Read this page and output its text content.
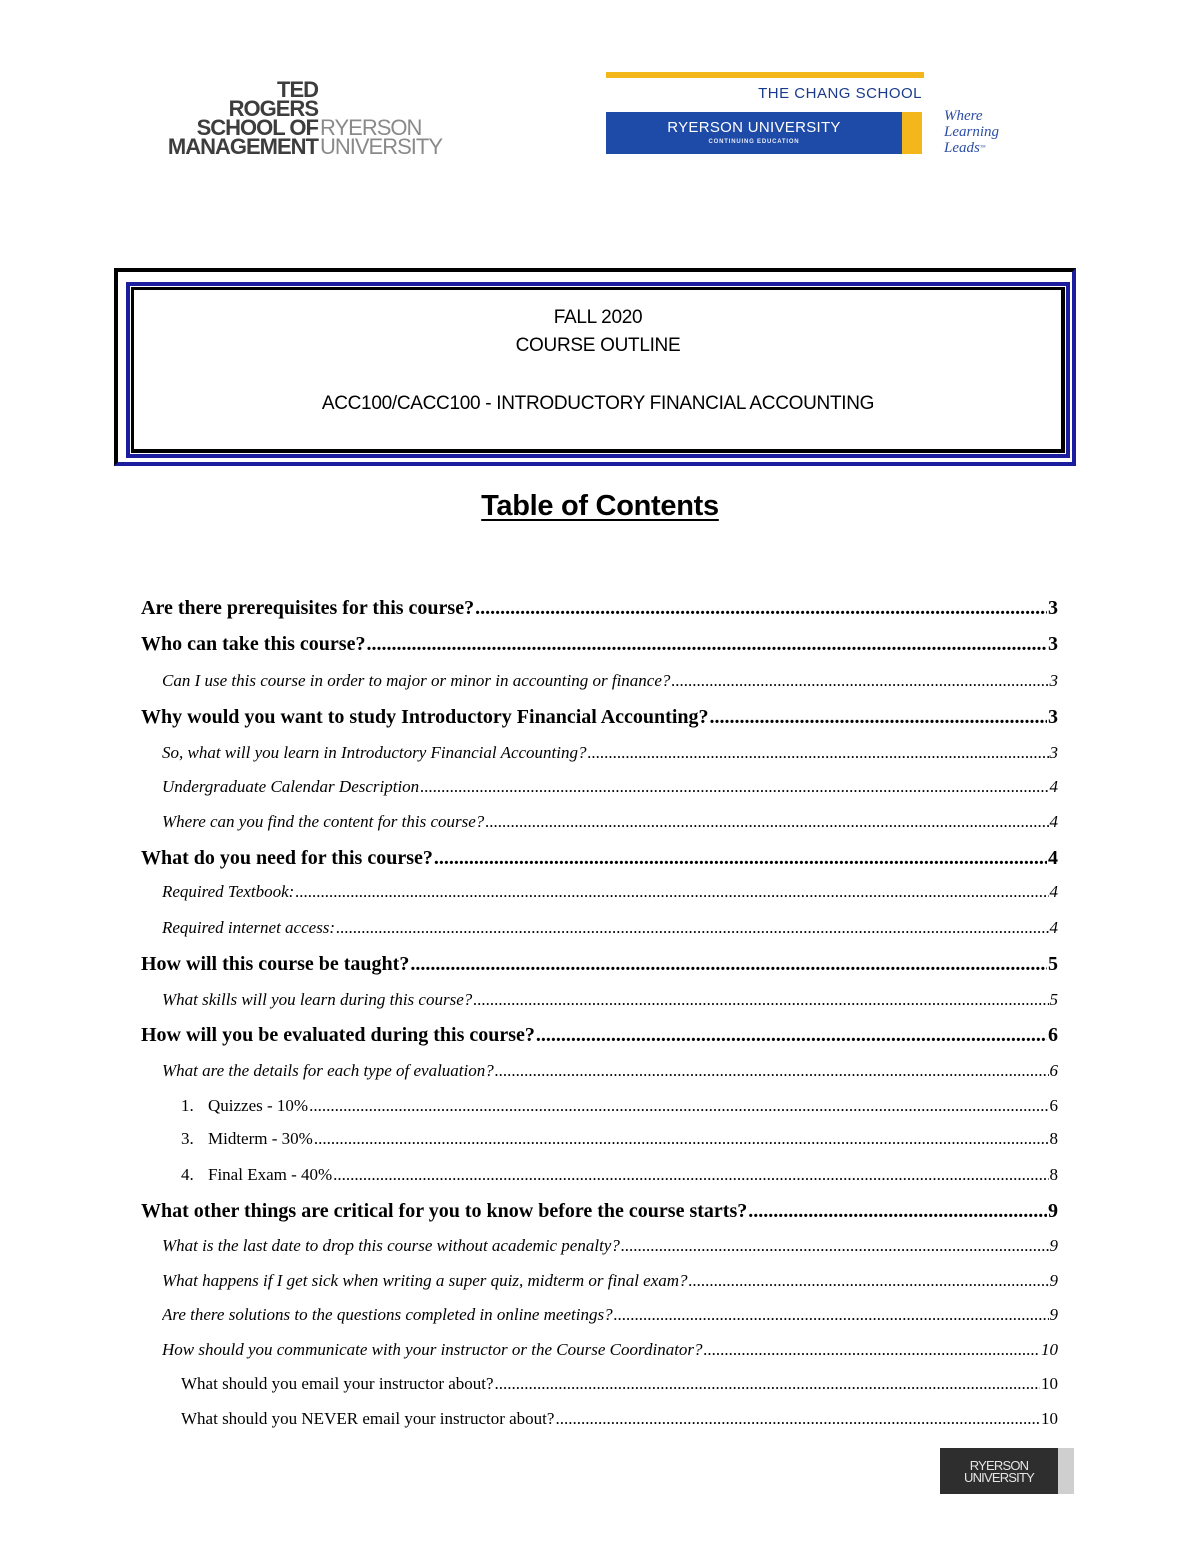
TED
ROGERS
SCHOOL OF RYERSON
MANAGEMENT UNIVERSITY
THE CHANG SCHOOL
RYERSON UNIVERSITY
CONTINUING EDUCATION
Where
Learning
Leads™
FALL 2020
COURSE OUTLINE
ACC100/CACC100 - INTRODUCTORY FINANCIAL ACCOUNTING
Table of Contents
Are there prerequisites for this course? .....	3
Who can take this course? .....	3
Can I use this course in order to major or minor in accounting or finance? .....	3
Why would you want to study Introductory Financial Accounting? .....	3
So, what will you learn in Introductory Financial Accounting? .....	3
Undergraduate Calendar Description .....	4
Where can you find the content for this course? .....	4
What do you need for this course? .....	4
Required Textbook: .....	4
Required internet access: .....	4
How will this course be taught? .....	5
What skills will you learn during this course? .....	5
How will you be evaluated during this course? .....	6
What are the details for each type of evaluation? .....	6
1. Quizzes - 10% .....	6
3. Midterm - 30% .....	8
4. Final Exam - 40% .....	8
What other things are critical for you to know before the course starts? .....	9
What is the last date to drop this course without academic penalty? .....	9
What happens if I get sick when writing a super quiz, midterm or final exam? .....	9
Are there solutions to the questions completed in online meetings? .....	9
How should you communicate with your instructor or the Course Coordinator? .....	10
What should you email your instructor about? .....	10
What should you NEVER email your instructor about? .....	10
RYERSON
UNIVERSITY
